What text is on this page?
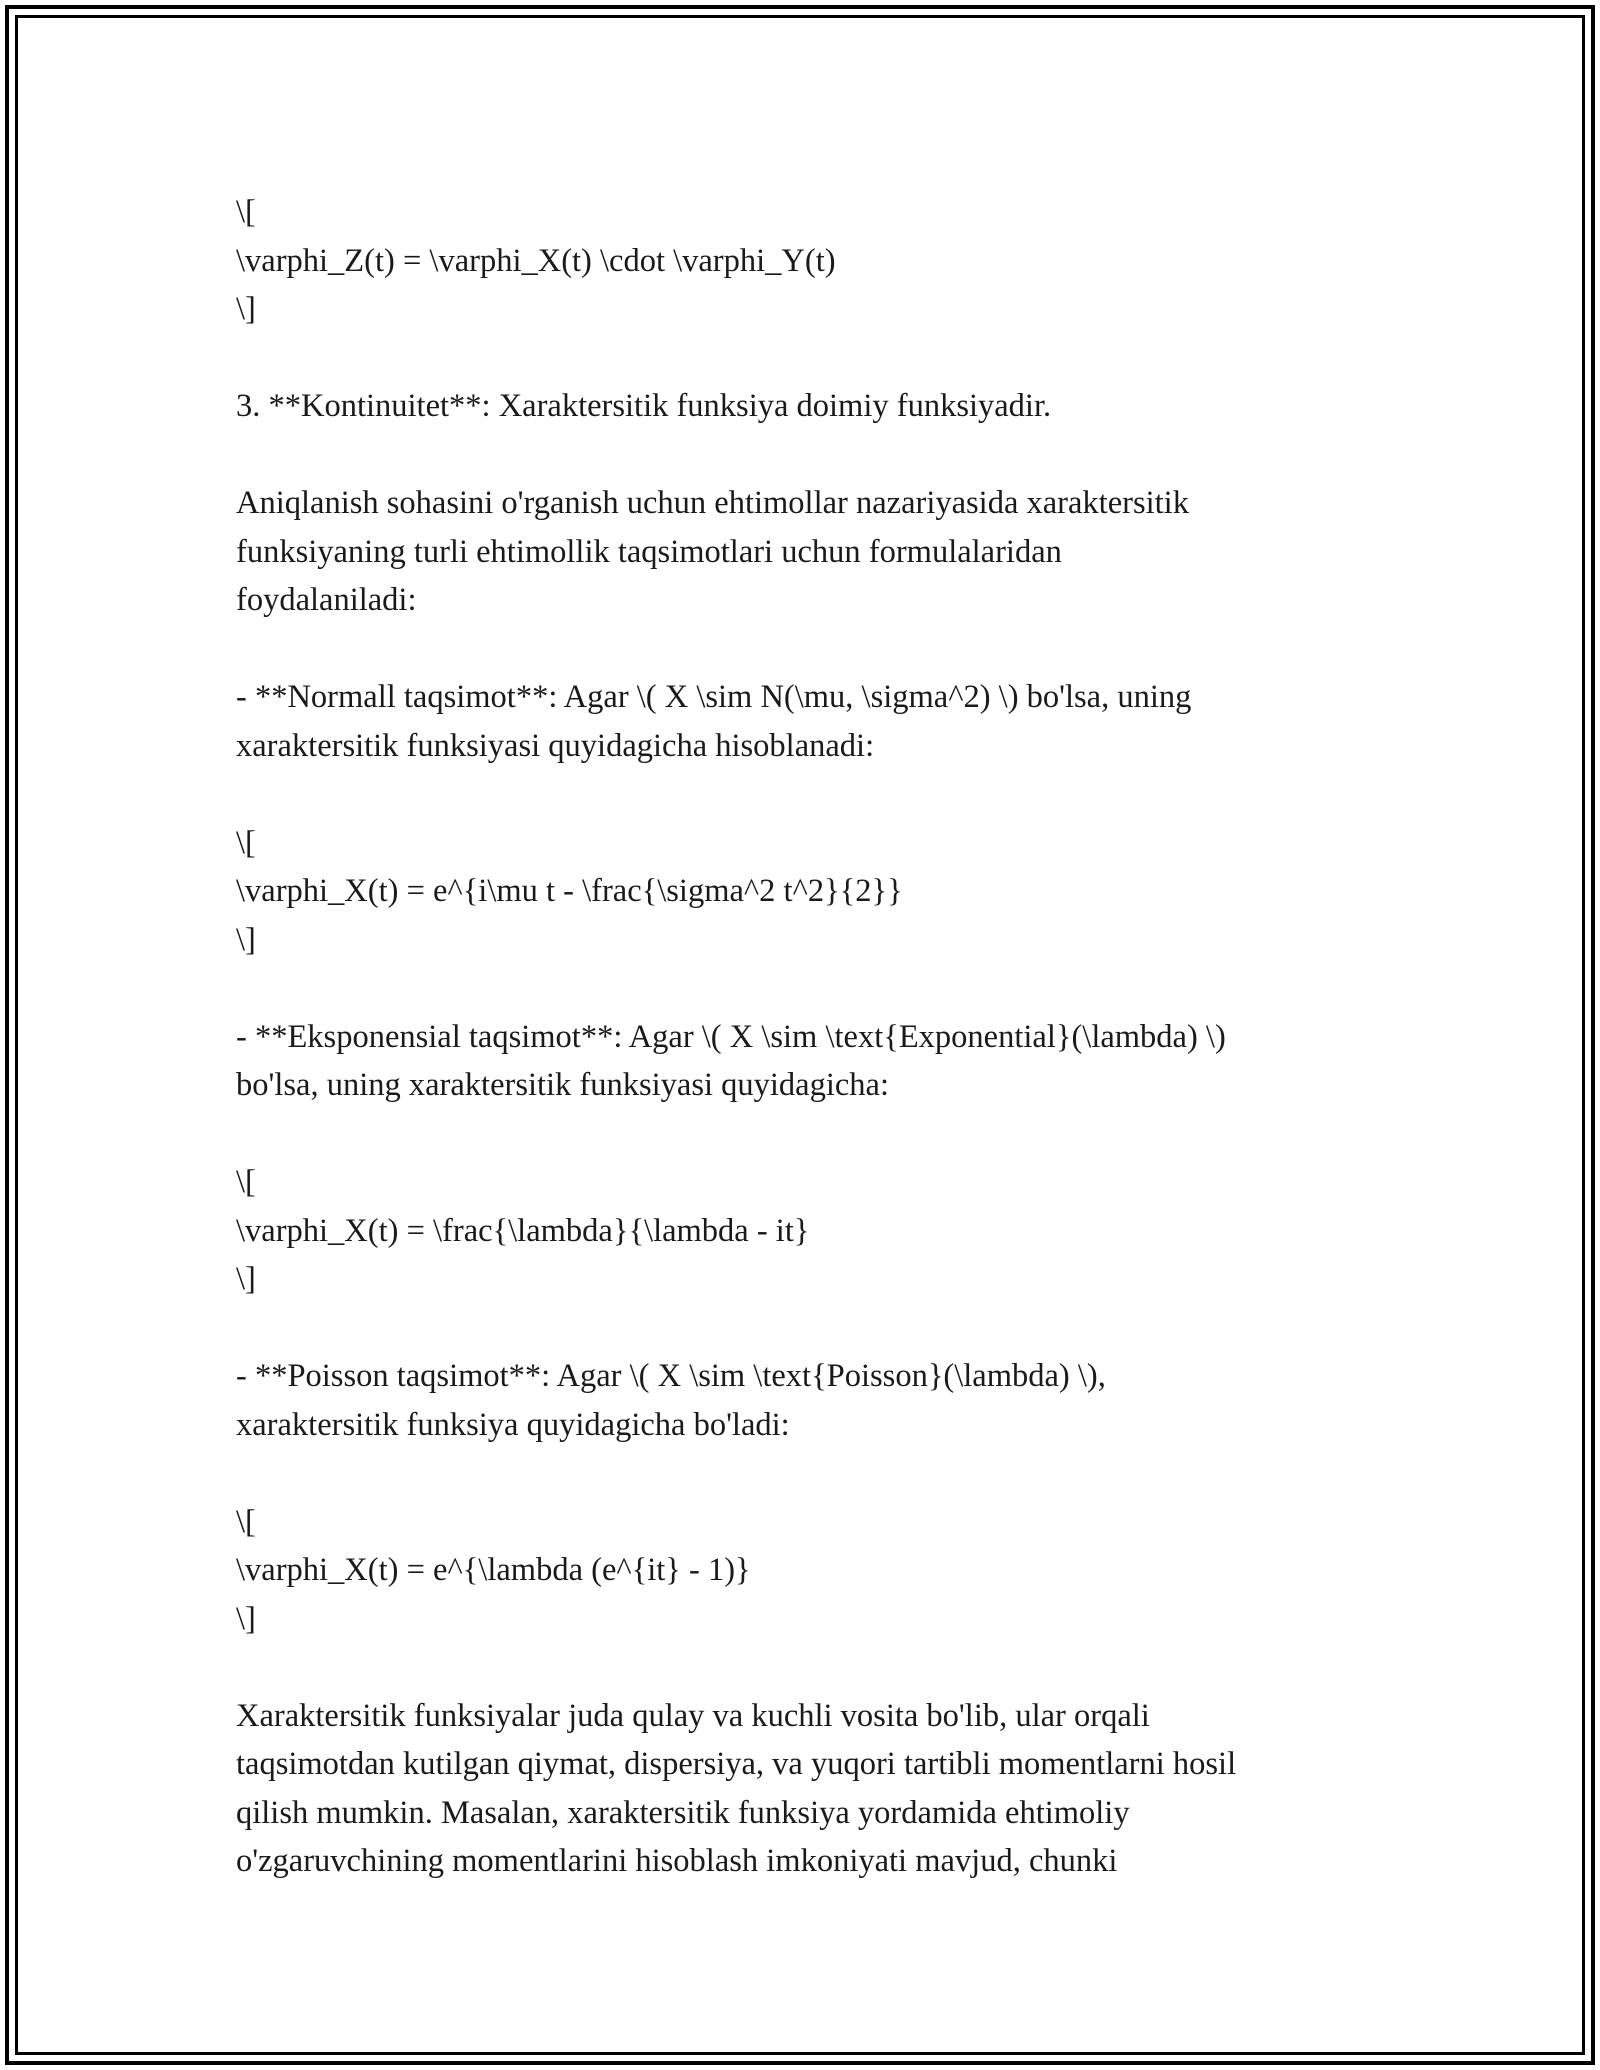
\[
\varphi_Z(t) = \varphi_X(t) \cdot \varphi_Y(t)
\]
3. **Kontinuitet**: Xaraktersitik funksiya doimiy funksiyadir.
Aniqlanish sohasini o'rganish uchun ehtimollar nazariyasida xaraktersitik
funksiyaning turli ehtimollik taqsimotlari uchun formulalaridan
foydalaniladi:
- **Normall taqsimot**: Agar \( X \sim N(\mu, \sigma^2) \) bo'lsa, uning
xaraktersitik funksiyasi quyidagicha hisoblanadi:
\[
\varphi_X(t) = e^{i\mu t - \frac{\sigma^2 t^2}{2}}
\]
- **Eksponensial taqsimot**: Agar \( X \sim \text{Exponential}(\lambda) \)
bo'lsa, uning xaraktersitik funksiyasi quyidagicha:
\[
\varphi_X(t) = \frac{\lambda}{\lambda - it}
\]
- **Poisson taqsimot**: Agar \( X \sim \text{Poisson}(\lambda) \),
xaraktersitik funksiya quyidagicha bo'ladi:
\[
\varphi_X(t) = e^{\lambda (e^{it} - 1)}
\]
Xaraktersitik funksiyalar juda qulay va kuchli vosita bo'lib, ular orqali
taqsimotdan kutilgan qiymat, dispersiya, va yuqori tartibli momentlarni hosil
qilish mumkin. Masalan, xaraktersitik funksiya yordamida ehtimoliy
o'zgaruvchining momentlarini hisoblash imkoniyati mavjud, chunki
